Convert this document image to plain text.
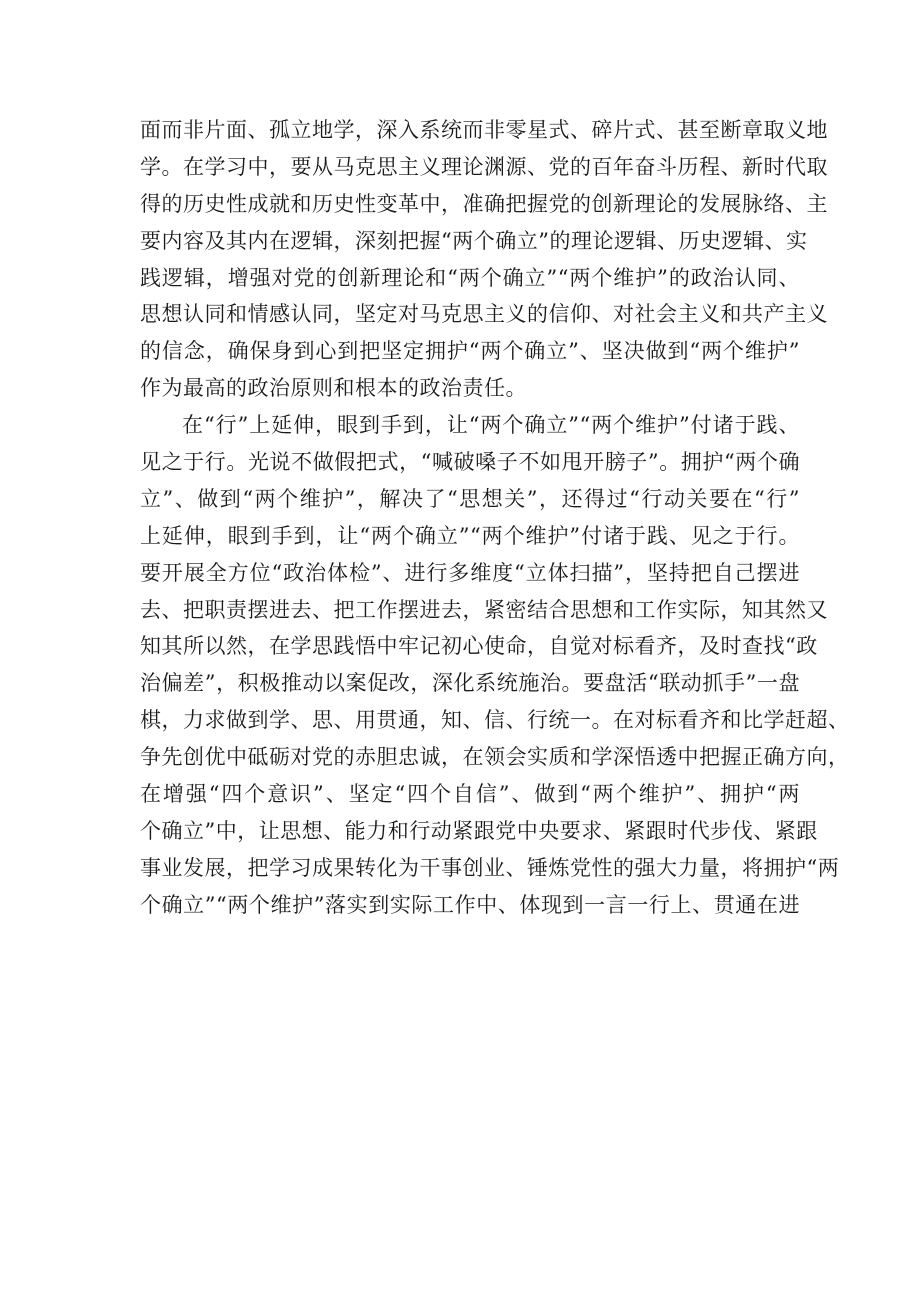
面而非片面、孤立地学，深入系统而非零星式、碎片式、甚至断章取义地
学。在学习中，要从马克思主义理论渊源、党的百年奋斗历程、新时代取
得的历史性成就和历史性变革中，准确把握党的创新理论的发展脉络、主
要内容及其内在逻辑，深刻把握“两个确立”的理论逻辑、历史逻辑、实
践逻辑，增强对党的创新理论和“两个确立”“两个维护”的政治认同、
思想认同和情感认同，坚定对马克思主义的信仰、对社会主义和共产主义
的信念，确保身到心到把坚定拥护“两个确立”、坚决做到“两个维护”
作为最高的政治原则和根本的政治责任。
在“行”上延伸，眼到手到，让“两个确立”“两个维护”付诸于践、
见之于行。光说不做假把式，“喊破嗓子不如甩开膀子”。拥护“两个确
立”、做到“两个维护”，解决了“思想关”，还得过“行动关要在“行”
上延伸，眼到手到，让“两个确立”“两个维护”付诸于践、见之于行。
要开展全方位“政治体检”、进行多维度“立体扫描”，坚持把自己摆进
去、把职责摆进去、把工作摆进去，紧密结合思想和工作实际，知其然又
知其所以然，在学思践悟中牢记初心使命，自觉对标看齐，及时查找“政
治偏差”，积极推动以案促改，深化系统施治。要盘活“联动抓手”一盘
棋，力求做到学、思、用贯通，知、信、行统一。在对标看齐和比学赶超、
争先创优中砥砺对党的赤胆忠诚，在领会实质和学深悟透中把握正确方向，
在增强“四个意识”、坚定“四个自信”、做到“两个维护”、拥护“两
个确立”中，让思想、能力和行动紧跟党中央要求、紧跟时代步伐、紧跟
事业发展，把学习成果转化为干事创业、锤炼党性的强大力量，将拥护“两
个确立”“两个维护”落实到实际工作中、体现到一言一行上、贯通在进
